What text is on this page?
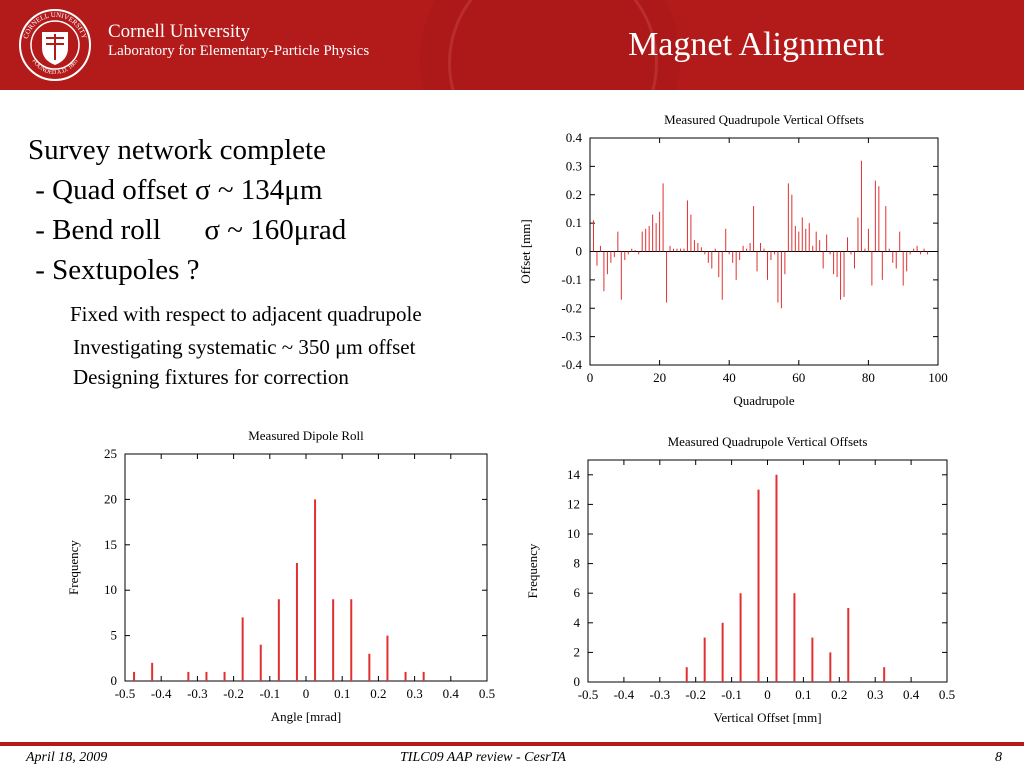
CORNELL UNIVERSITY
FOUNDED A.D. 1865
Cornell University
Laboratory for Elementary-Particle Physics	Magnet Alignment
Survey network complete
- Quad offset σ ~ 134μm
- Bend roll      σ ~ 160μrad
- Sextupoles ?
Fixed with respect to adjacent quadrupole
Investigating systematic ~ 350 μm offset
Designing fixtures for correction	0	20	40	60	80	100
-0.4
-0.3
-0.2
-0.1
0
0.1
0.2
0.3
0.4
Measured Quadrupole Vertical Offsets
Quadrupole
Offset [mm]
-0.5 -0.4 -0.3 -0.2 -0.1 0 0.1 0.2 0.3 0.4 0.5
0
5
10
15
20
25
Measured Dipole Roll
Angle [mrad]
Frequency
-0.5 -0.4 -0.3 -0.2 -0.1 0 0.1 0.2 0.3 0.4 0.5
0
2
4
6
8
10
12
14
Measured Quadrupole Vertical Offsets
Vertical Offset [mm]
Frequency
April 18, 2009	TILC09 AAP review - CesrTA	8
